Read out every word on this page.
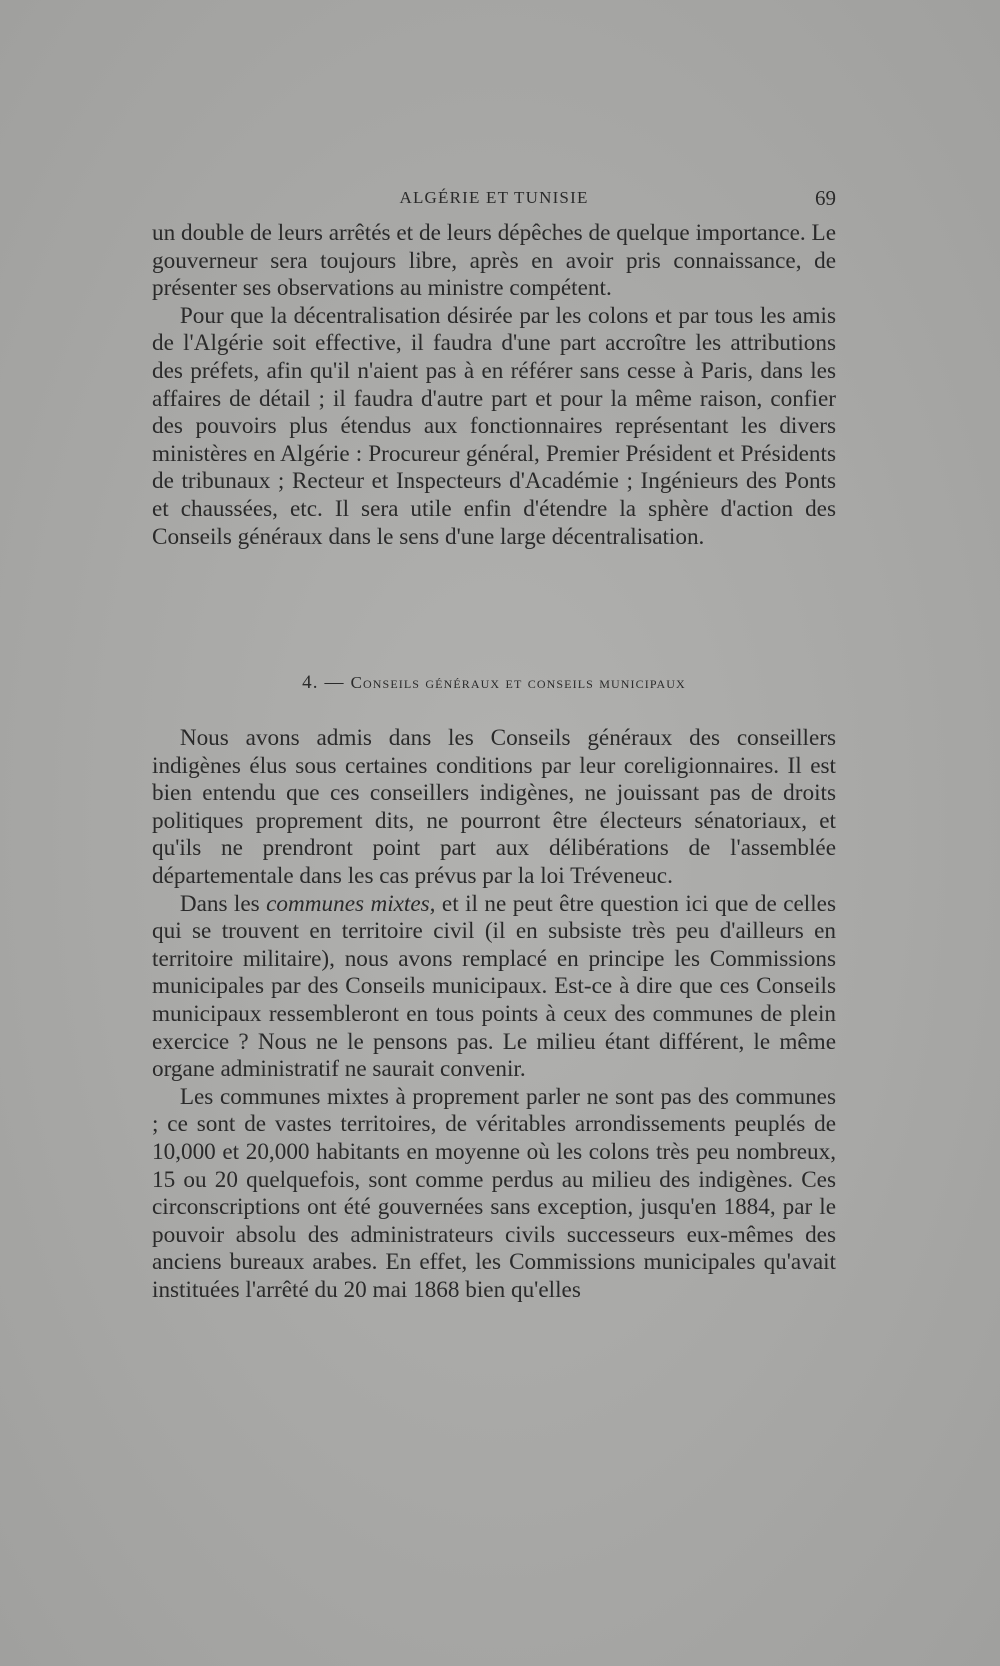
ALGÉRIE ET TUNISIE	69

un double de leurs arrêtés et de leurs dépêches de quelque importance. Le gouverneur sera toujours libre, après en avoir pris connaissance, de présenter ses observations au ministre compétent.

Pour que la décentralisation désirée par les colons et par tous les amis de l'Algérie soit effective, il faudra d'une part accroître les attributions des préfets, afin qu'il n'aient pas à en référer sans cesse à Paris, dans les affaires de détail ; il faudra d'autre part et pour la même raison, confier des pouvoirs plus étendus aux fonctionnaires représentant les divers ministères en Algérie : Procureur général, Premier Président et Présidents de tribunaux ; Recteur et Inspecteurs d'Académie ; Ingénieurs des Ponts et chaussées, etc. Il sera utile enfin d'étendre la sphère d'action des Conseils généraux dans le sens d'une large décentralisation.

4. — Conseils généraux et conseils municipaux

Nous avons admis dans les Conseils généraux des conseillers indigènes élus sous certaines conditions par leur coreligionnaires. Il est bien entendu que ces conseillers indigènes, ne jouissant pas de droits politiques proprement dits, ne pourront être électeurs sénatoriaux, et qu'ils ne prendront point part aux délibérations de l'assemblée départementale dans les cas prévus par la loi Tréveneuc.

Dans les communes mixtes, et il ne peut être question ici que de celles qui se trouvent en territoire civil (il en subsiste très peu d'ailleurs en territoire militaire), nous avons remplacé en principe les Commissions municipales par des Conseils municipaux. Est-ce à dire que ces Conseils municipaux ressembleront en tous points à ceux des communes de plein exercice ? Nous ne le pensons pas. Le milieu étant différent, le même organe administratif ne saurait convenir.

Les communes mixtes à proprement parler ne sont pas des communes ; ce sont de vastes territoires, de véritables arrondissements peuplés de 10,000 et 20,000 habitants en moyenne où les colons très peu nombreux, 15 ou 20 quelquefois, sont comme perdus au milieu des indigènes. Ces circonscriptions ont été gouvernées sans exception, jusqu'en 1884, par le pouvoir absolu des administrateurs civils successeurs eux-mêmes des anciens bureaux arabes. En effet, les Commissions municipales qu'avait instituées l'arrêté du 20 mai 1868 bien qu'elles
